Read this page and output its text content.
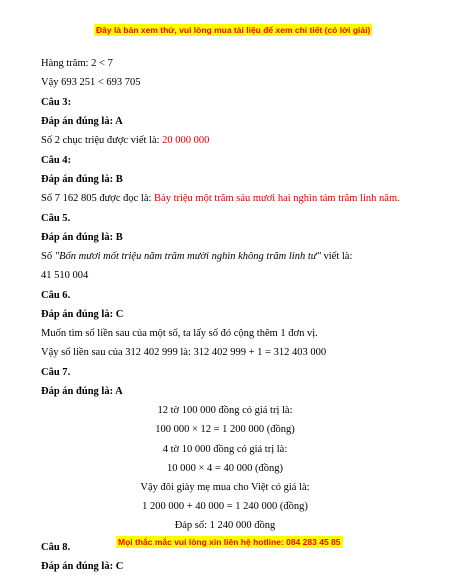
Đây là bản xem thử, vui lòng mua tài liệu để xem chi tiết (có lời giải)
Hàng trăm: 2 < 7
Vậy 693 251 < 693 705
Câu 3:
Đáp án đúng là: A
Số 2 chục triệu được viết là: 20 000 000
Câu 4:
Đáp án đúng là: B
Số 7 162 805 được đọc là: Bảy triệu một trăm sáu mươi hai nghìn tám trăm linh năm.
Câu 5.
Đáp án đúng là: B
Số "Bốn mươi mốt triệu năm trăm mười nghìn không trăm linh tư" viết là:
41 510 004
Câu 6.
Đáp án đúng là: C
Muốn tìm số liền sau của một số, ta lấy số đó cộng thêm 1 đơn vị.
Vậy số liền sau của 312 402 999 là: 312 402 999 + 1 = 312 403 000
Câu 7.
Đáp án đúng là: A
12 tờ 100 000 đồng có giá trị là:
100 000 × 12 = 1 200 000 (đồng)
4 tờ 10 000 đồng có giá trị là:
10 000 × 4 = 40 000 (đồng)
Vậy đôi giày mẹ mua cho Việt có giá là:
1 200 000 + 40 000 = 1 240 000 (đồng)
Đáp số: 1 240 000 đồng
Câu 8.
Đáp án đúng là: C
Mọi thắc mắc vui lòng xin liên hệ hotline: 084 283 45 85
